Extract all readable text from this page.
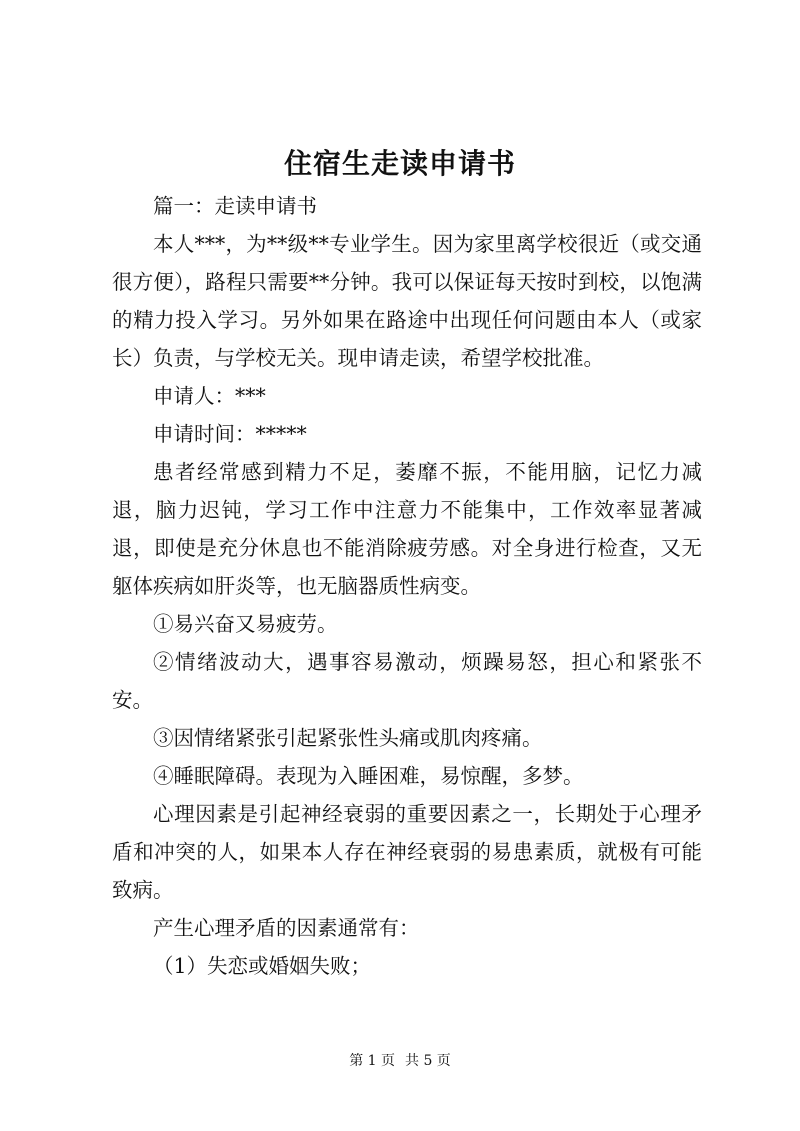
住宿生走读申请书

篇一：走读申请书

本人***，为**级**专业学生。因为家里离学校很近（或交通很方便），路程只需要**分钟。我可以保证每天按时到校，以饱满的精力投入学习。另外如果在路途中出现任何问题由本人（或家长）负责，与学校无关。现申请走读，希望学校批准。

申请人：***

申请时间：*****

患者经常感到精力不足，萎靡不振，不能用脑，记忆力减退，脑力迟钝，学习工作中注意力不能集中，工作效率显著减退，即使是充分休息也不能消除疲劳感。对全身进行检查，又无躯体疾病如肝炎等，也无脑器质性病变。

①易兴奋又易疲劳。

②情绪波动大，遇事容易激动，烦躁易怒，担心和紧张不安。

③因情绪紧张引起紧张性头痛或肌肉疼痛。

④睡眠障碍。表现为入睡困难，易惊醒，多梦。

心理因素是引起神经衰弱的重要因素之一，长期处于心理矛盾和冲突的人，如果本人存在神经衰弱的易患素质，就极有可能致病。

产生心理矛盾的因素通常有：

（1）失恋或婚姻失败；

第 1 页 共 5 页
